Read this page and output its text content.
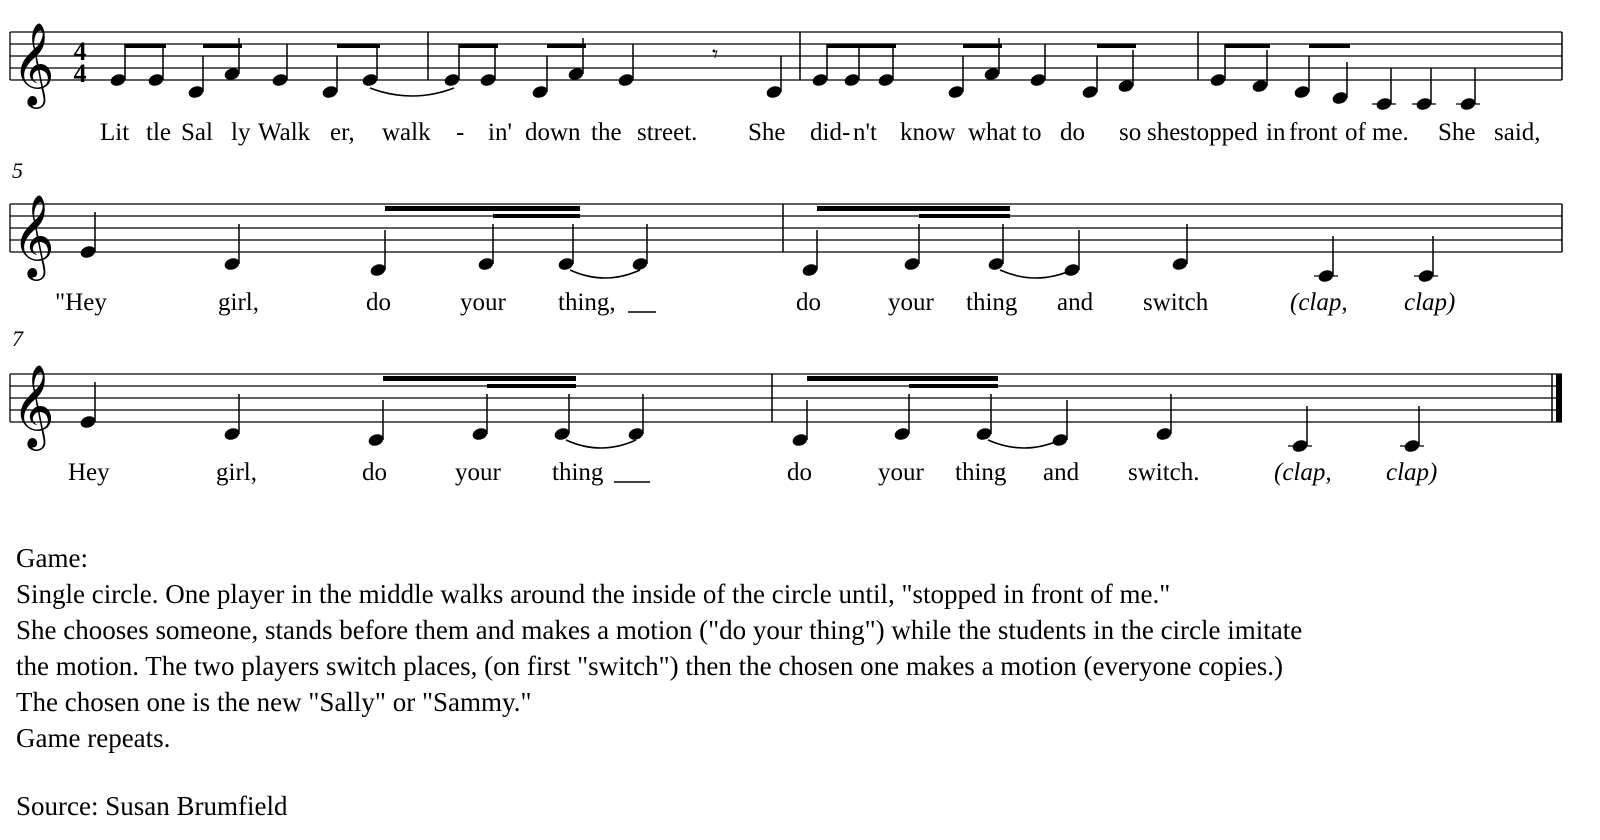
𝄞	𝄾
𝄞
𝄞
4
4
5
7
Lit tle Sal ly Walk er, walk - in' down the street. She did- n't know what to do so she stopped in front of me. She said,
"Hey	girl,	do	your thing,	do	your thing and switch	(clap, clap)
Hey	girl,	do	your thing	do	your thing and switch.	(clap, clap)
Game:
Single circle. One player in the middle walks around the inside of the circle until, "stopped in front of me."
She chooses someone, stands before them and makes a motion ("do your thing") while the students in the circle imitate
the motion. The two players switch places, (on first "switch") then the chosen one makes a motion (everyone copies.)
The chosen one is the new "Sally" or "Sammy."
Game repeats.
Source: Susan Brumfield
